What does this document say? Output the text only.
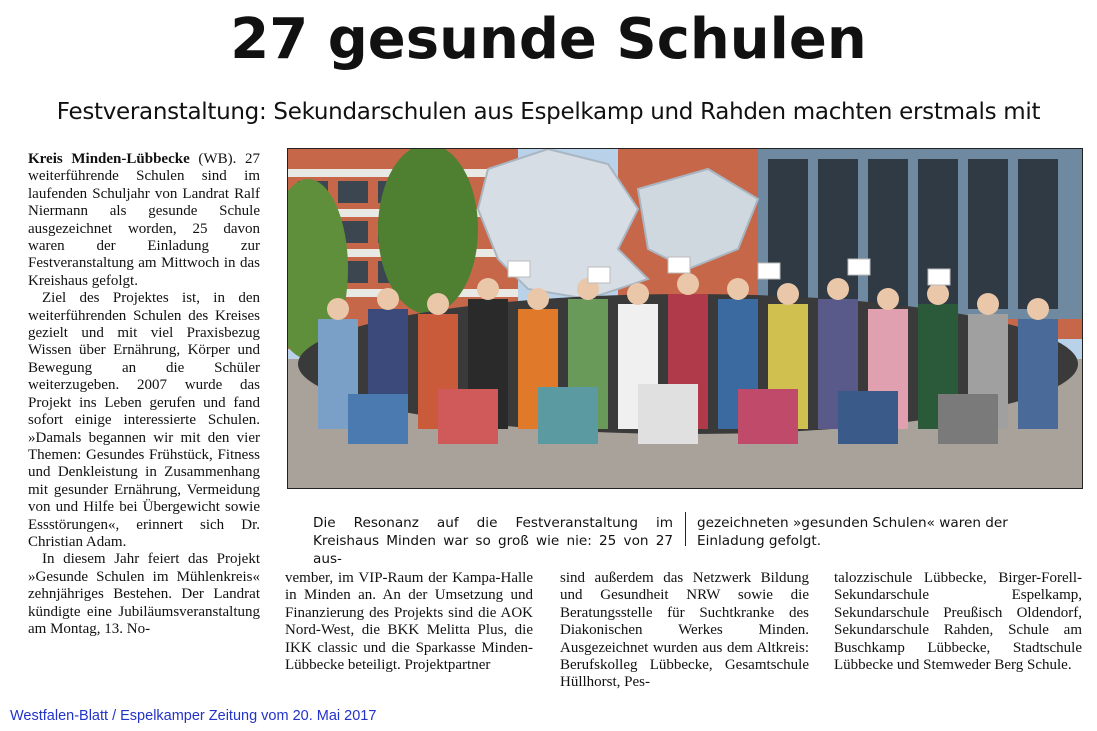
27 gesunde Schulen
Festveranstaltung: Sekundarschulen aus Espelkamp und Rahden machten erstmals mit

Kreis Minden-Lübbecke (WB). 27 weiterführende Schulen sind im laufenden Schuljahr von Landrat Ralf Niermann als gesunde Schule ausgezeichnet worden, 25 davon waren der Einladung zur Festveranstaltung am Mittwoch in das Kreishaus gefolgt.

Ziel des Projektes ist, in den weiterführenden Schulen des Kreises gezielt und mit viel Praxisbezug Wissen über Ernährung, Körper und Bewegung an die Schüler weiterzugeben. 2007 wurde das Projekt ins Leben gerufen und fand sofort einige interessierte Schulen. »Damals begannen wir mit den vier Themen: Gesundes Frühstück, Fitness und Denkleistung in Zusammenhang mit gesunder Ernährung, Vermeidung von und Hilfe bei Übergewicht sowie Essstörungen«, erinnert sich Dr. Christian Adam.

In diesem Jahr feiert das Projekt »Gesunde Schulen im Mühlenkreis« zehnjähriges Bestehen. Der Landrat kündigte eine Jubiläumsveranstaltung am Montag, 13. No-

Die Resonanz auf die Festveranstaltung im Kreishaus Minden war so groß wie nie: 25 von 27 aus-
gezeichneten »gesunden Schulen« waren der Einladung gefolgt.
vember, im VIP-Raum der Kampa-Halle in Minden an. An der Umsetzung und Finanzierung des Projekts sind die AOK Nord-West, die BKK Melitta Plus, die IKK classic und die Sparkasse Minden-Lübbecke beteiligt. Projektpartner
sind außerdem das Netzwerk Bildung und Gesundheit NRW sowie die Beratungsstelle für Suchtkranke des Diakonischen Werkes Minden. Ausgezeichnet wurden aus dem Altkreis: Berufskolleg Lübbecke, Gesamtschule Hüllhorst, Pes-
talozzischule Lübbecke, Birger-Forell-Sekundarschule Espelkamp, Sekundarschule Preußisch Oldendorf, Sekundarschule Rahden, Schule am Buschkamp Lübbecke, Stadtschule Lübbecke und Stemweder Berg Schule.
Westfalen-Blatt / Espelkamper Zeitung vom 20. Mai 2017
